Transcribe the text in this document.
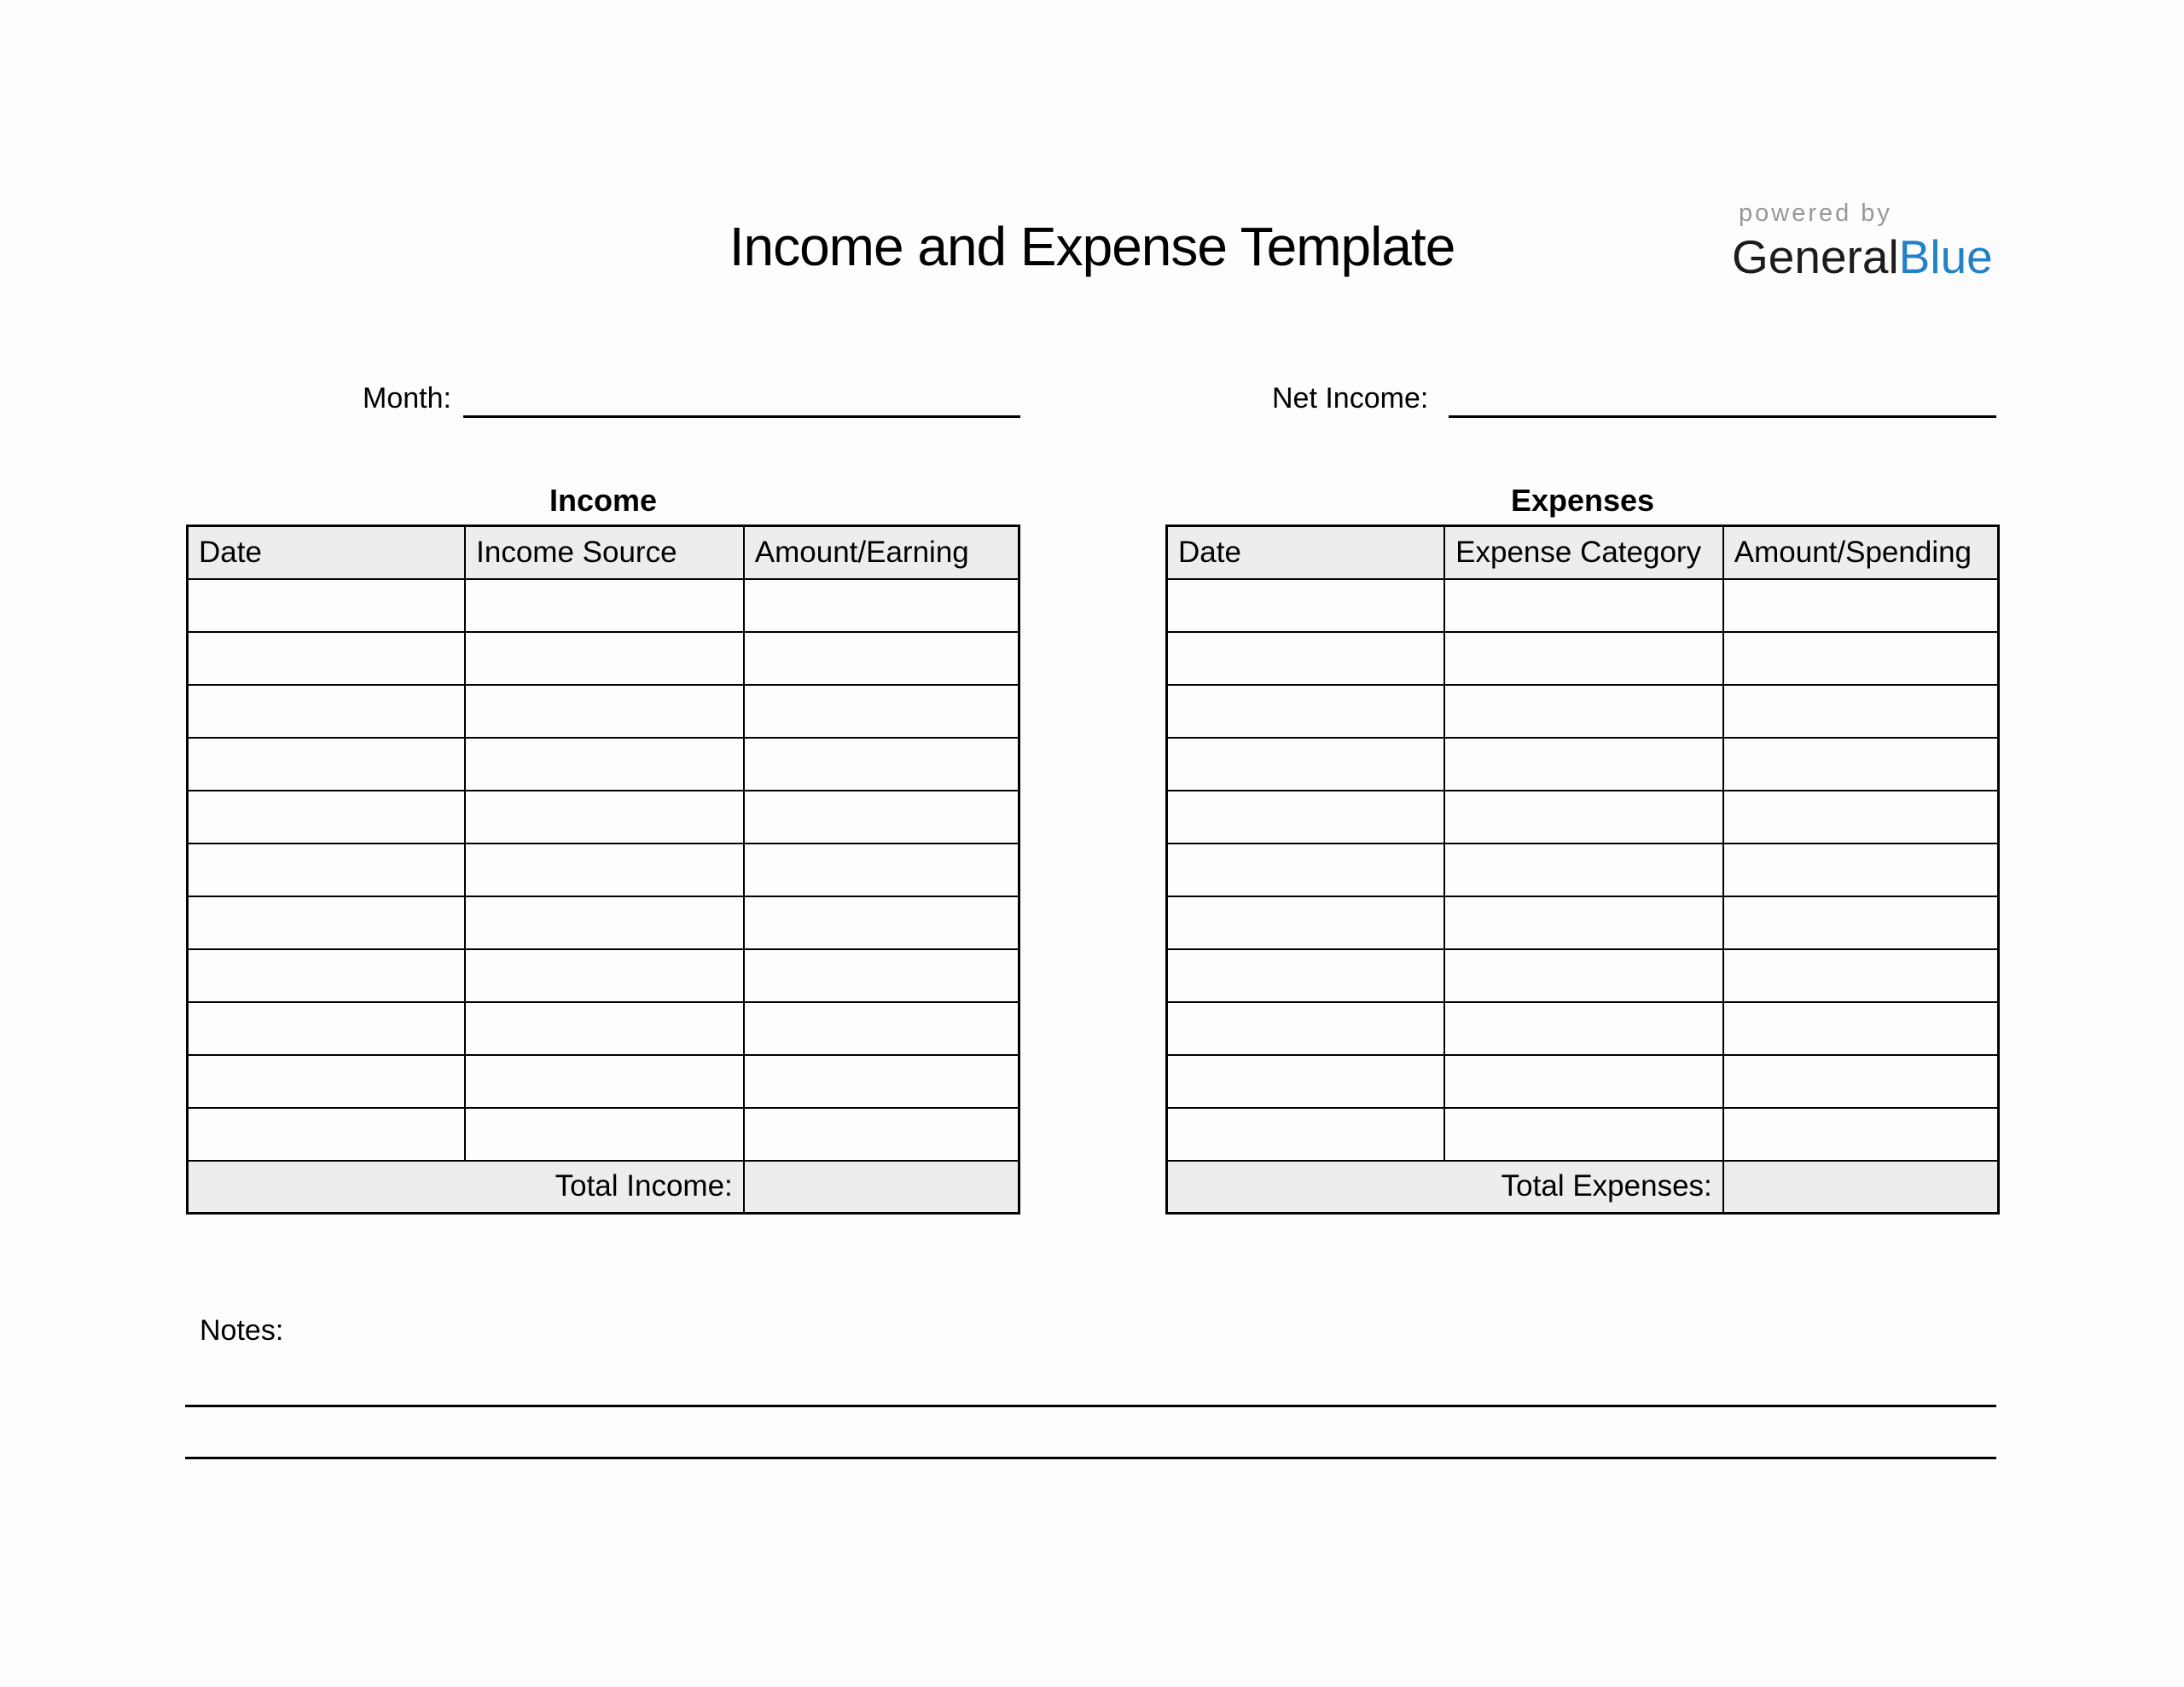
Income and Expense Template
powered by
GeneralBlue
Month:	Net Income:
Income	Expenses
Date	Income Source	Amount/Earning

Total Income:		
Date	Expense Category	Amount/Spending

Total Expenses:		
Notes:
